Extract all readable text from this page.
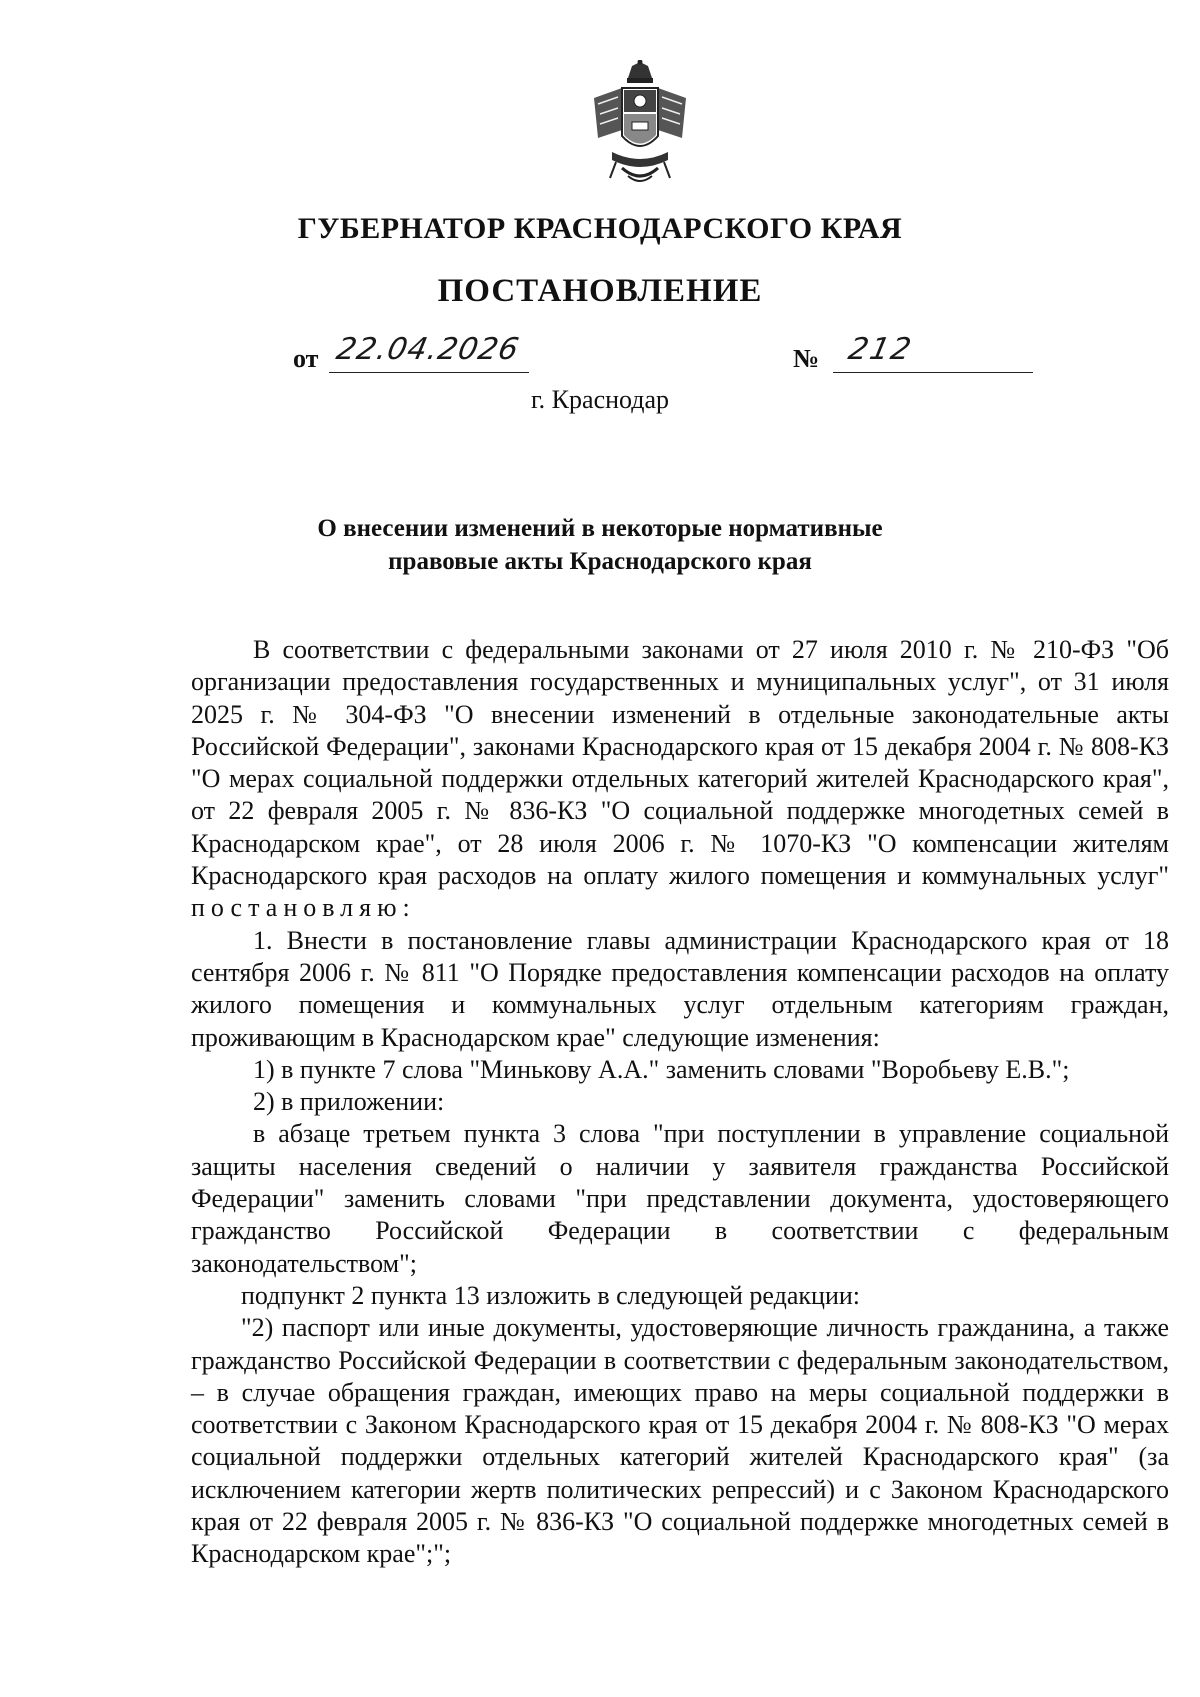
ГУБЕРНАТОР КРАСНОДАРСКОГО КРАЯ
ПОСТАНОВЛЕНИЕ
от 22.04.2026	№ 212
г. Краснодар
О внесении изменений в некоторые нормативные
правовые акты Краснодарского края

В соответствии с федеральными законами от 27 июля 2010 г. № 210-ФЗ "Об организации предоставления государственных и муниципальных услуг", от 31 июля 2025 г. № 304-ФЗ "О внесении изменений в отдельные законодательные акты Российской Федерации", законами Краснодарского края от 15 декабря 2004 г. № 808-КЗ "О мерах социальной поддержки отдельных категорий жителей Краснодарского края", от 22 февраля 2005 г. № 836-КЗ "О социальной поддержке многодетных семей в Краснодарском крае", от 28 июля 2006 г. № 1070-КЗ "О компенсации жителям Краснодарского края расходов на оплату жилого помещения и коммунальных услуг" постановляю:

1. Внести в постановление главы администрации Краснодарского края от 18 сентября 2006 г. № 811 "О Порядке предоставления компенсации расходов на оплату жилого помещения и коммунальных услуг отдельным категориям граждан, проживающим в Краснодарском крае" следующие изменения:

1) в пункте 7 слова "Минькову А.А." заменить словами "Воробьеву Е.В.";

2) в приложении:

в абзаце третьем пункта 3 слова "при поступлении в управление социальной защиты населения сведений о наличии у заявителя гражданства Российской Федерации" заменить словами "при представлении документа, удостоверяющего гражданство Российской Федерации в соответствии с федеральным законодательством";

подпункт 2 пункта 13 изложить в следующей редакции:

"2) паспорт или иные документы, удостоверяющие личность гражданина, а также гражданство Российской Федерации в соответствии с федеральным законодательством, – в случае обращения граждан, имеющих право на меры социальной поддержки в соответствии с Законом Краснодарского края от 15 декабря 2004 г. № 808-КЗ "О мерах социальной поддержки отдельных категорий жителей Краснодарского края" (за исключением категории жертв политических репрессий) и с Законом Краснодарского края от 22 февраля 2005 г. № 836-КЗ "О социальной поддержке многодетных семей в Краснодарском крае";";
